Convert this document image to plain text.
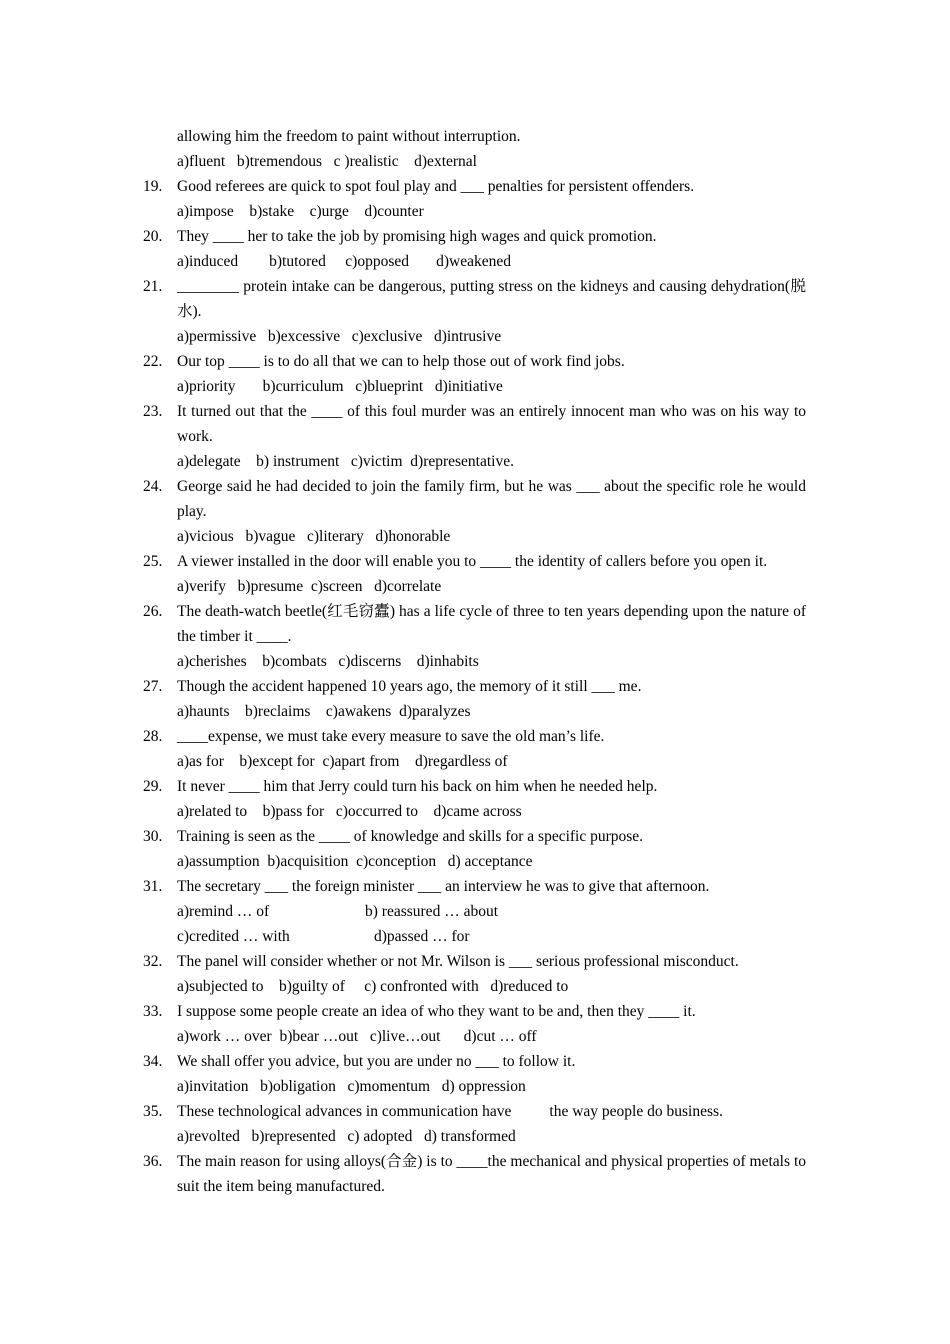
allowing him the freedom to paint without interruption.
a)fluent   b)tremendous   c )realistic    d)external
19. Good referees are quick to spot foul play and ___ penalties for persistent offenders.
a)impose    b)stake    c)urge    d)counter
20. They ____ her to take the job by promising high wages and quick promotion.
a)induced        b)tutored     c)opposed       d)weakened
21. ________ protein intake can be dangerous, putting stress on the kidneys and causing dehydration(脱水).
a)permissive   b)excessive   c)exclusive   d)intrusive
22. Our top ____ is to do all that we can to help those out of work find jobs.
a)priority       b)curriculum   c)blueprint   d)initiative
23. It turned out that the ____ of this foul murder was an entirely innocent man who was on his way to work.
a)delegate    b) instrument   c)victim  d)representative.
24. George said he had decided to join the family firm, but he was ___ about the specific role he would play.
a)vicious   b)vague   c)literary   d)honorable
25. A viewer installed in the door will enable you to ____ the identity of callers before you open it.
a)verify   b)presume  c)screen   d)correlate
26. The death-watch beetle(红毛窃蠹) has a life cycle of three to ten years depending upon the nature of the timber it ____.
a)cherishes    b)combats   c)discerns    d)inhabits
27. Though the accident happened 10 years ago, the memory of it still ___ me.
a)haunts    b)reclaims    c)awakens  d)paralyzes
28. ____expense, we must take every measure to save the old man’s life.
a)as for    b)except for  c)apart from    d)regardless of
29. It never ____ him that Jerry could turn his back on him when he needed help.
a)related to    b)pass for   c)occurred to    d)came across
30. Training is seen as the ____ of knowledge and skills for a specific purpose.
a)assumption  b)acquisition  c)conception   d) acceptance
31. The secretary ___ the foreign minister ___ an interview he was to give that afternoon.
a)remind … of	b) reassured … about
c)credited … with	d)passed … for
32. The panel will consider whether or not Mr. Wilson is ___ serious professional misconduct.
a)subjected to    b)guilty of     c) confronted with   d)reduced to
33. I suppose some people create an idea of who they want to be and, then they ____ it.
a)work … over  b)bear …out   c)live…out      d)cut … off
34. We shall offer you advice, but you are under no ___ to follow it.
a)invitation   b)obligation   c)momentum   d) oppression
35. These technological advances in communication have the way people do business.
a)revolted   b)represented   c) adopted   d) transformed
36. The main reason for using alloys(合金) is to ____the mechanical and physical properties of metals to suit the item being manufactured.
